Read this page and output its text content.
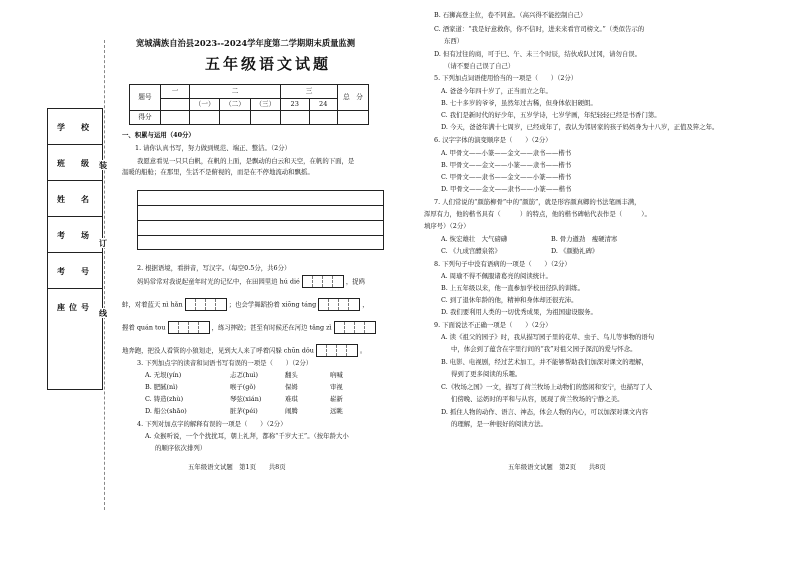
学　校
班　级
姓　名
考　场
考　号
座位号
装
订
线
宽城满族自治县2023--2024学年度第二学期期末质量监测
五年级语文试题
题号	一	二			三		总　分
		（一）	（二）	（三）	23	24	
得分							
一、积累与运用（40分）
1. 请你认真书写，努力做到规范、端正、整洁。（2分）
我愿意看见一只只白帆，在帆的上面，是飘动的白云和天空，在帆的下面，是
温暖的船舱；在那里，生活不是俯视的，而是在不停地流动和飘摇。
2. 根据语境，看拼音，写汉字。（每空0.5分，共6分）
妈妈常常对我说起童年时光的记忆中，在田园里追 hú dié	，捉鸥
蚌，对着蓝天 nì hǎn	；也会学舞蹈扮着 xiōng táng	，
握着 quán tou	，练习摔跤；甚至有时候还在河边 tǎng zì
地奔跑，把没人看管的小狼划走，见到大人来了呼着闪躲 chūn dǒu	。
3. 下列加点字的读音和词语书写有误的一项是（　　）（2分）
A. 无垠(yín)	忐忑(huì)	翻头	吶喊
B. 肥腻(nì)	喉子(gǒ)	保姆	审视
C. 铸造(zhù)	琴弦(xián)	难琪	崭新
D. 船公(shāo)	脏茅(péi)	闹腾	远眺
4. 下列对加点字的解释有误的一项是（　　）（2分）
A. 众猴听说，一个个扰扰耳，朝上礼拜，都称“千岁大王”。（按年龄大小
的顺序依次排列）
五年级语文试题　第1页　　共8页
B. 石狮高登主位，卷不同意。（高兴得不能控制自己）
C. 酒家道：“我是好意救你，你不信时，进来来看官司榜文。”（类似告示的
东西）
D. 但有过往的商，可于巳、午、未三个时辰，结伙成队过冈，请勿自误。
（请不要自己误了自己）
5. 下列加点词语使用恰当的一项是（　　）（2分）
A. 爸爸今年四十岁了，正当而立之年。
B. 七十多岁的爷爷，虽然年过古稀，但身体依旧硬朗。
C. 我们是新时代的好少年，五岁学诗，七岁学画，年纪轻轻已经是书香门第。
D. 今天，爸爸年满十七周岁，已经成年了，我认为邻居家的孩子妈妈身为十八岁，正值及笄之年。
6. 汉字字体的演变顺序是（　　）（2分）
A. 甲骨文——小篆——金文——隶书——楷书
B. 甲骨文——金文——小篆——隶书——楷书
C. 甲骨文——隶书——金文——小篆——楷书
D. 甲骨文——金文——隶书——小篆——楷书
7. 人们常说的“颜筋柳骨”中的“颜筋”，就是形容颜真卿的书法笔画丰满，
浑厚有力，他的楷书具有（　　　）的特点，他的楷书碑帖代表作是（　　　）。
填序号）（2分）
A. 恢宏雄壮　大气磅礴	B. 骨力遒劲　瘦硬清寒
C. 《九成宫醴泉铭》	D. 《颜勤礼碑》
8. 下列句子中没有语病的一项是（　　）（2分）
A. 周瑜不得不佩服诸葛亮的阅读统计。
B. 上五年级以来，他一直参加学校田径队的训练。
C. 到了退休年龄的他，精神和身体却还很充沛。
D. 我们要利用人类的一切优秀成果，为祖国建设服务。
9. 下面说法不正确一项是（　　）（2分）
A. 读《祖父的园子》时，我从描写园子里的花草、虫子、鸟儿等事物的语句
中，体会到了蕴含在字里行间的“我”对祖父园子深沉的爱与怀念。
B. 电影、电视剧，经过艺术加工，并不能够帮助我们加深对课文的理解，
得到了更多阅读的乐趣。
C.《牧场之国》一文，描写了荷兰牧场上动物们的悠闲和安宁，也描写了人
们傍晚、运奶时的平和与从容，展现了荷兰牧场的宁静之美。
D. 抓住人物的动作、语言、神态，体会人物的内心，可以加深对课文内容
的理解，是一种很好的阅读方法。
五年级语文试题　第2页　　共8页
